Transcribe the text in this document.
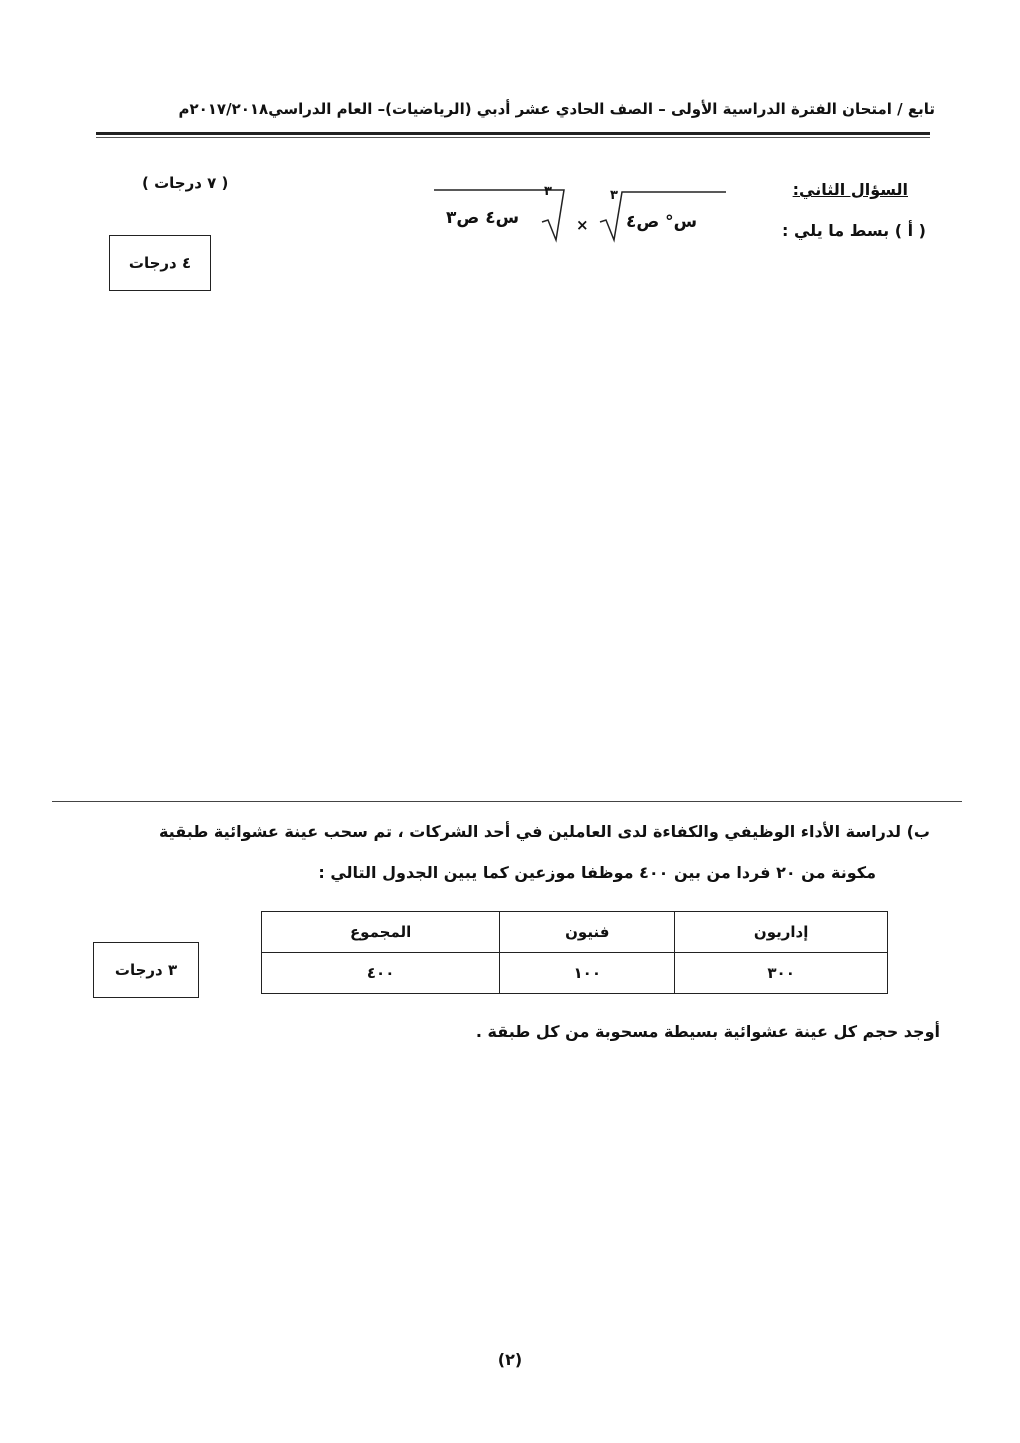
تابع / امتحان الفترة الدراسية الأولى – الصف الحادي عشر أدبي (الرياضيات)– العام الدراسي٢٠١٧/٢٠١٨م
السؤال الثاني:
( ٧ درجات )
( أ ) بسط ما يلي :
٣
س° ص٤
×
٣
س٤ ص٣
٤ درجات
ب) لدراسة الأداء الوظيفي والكفاءة لدى العاملين في أحد الشركات ، تم سحب عينة عشوائية طبقية
مكونة من ٢٠ فردا من بين ٤٠٠ موظفا موزعين كما يبين الجدول التالي :
٣ درجات
إداريون	فنيون	المجموع
٣٠٠	١٠٠	٤٠٠
أوجد حجم كل عينة عشوائية بسيطة مسحوبة من كل طبقة .
(٢)
